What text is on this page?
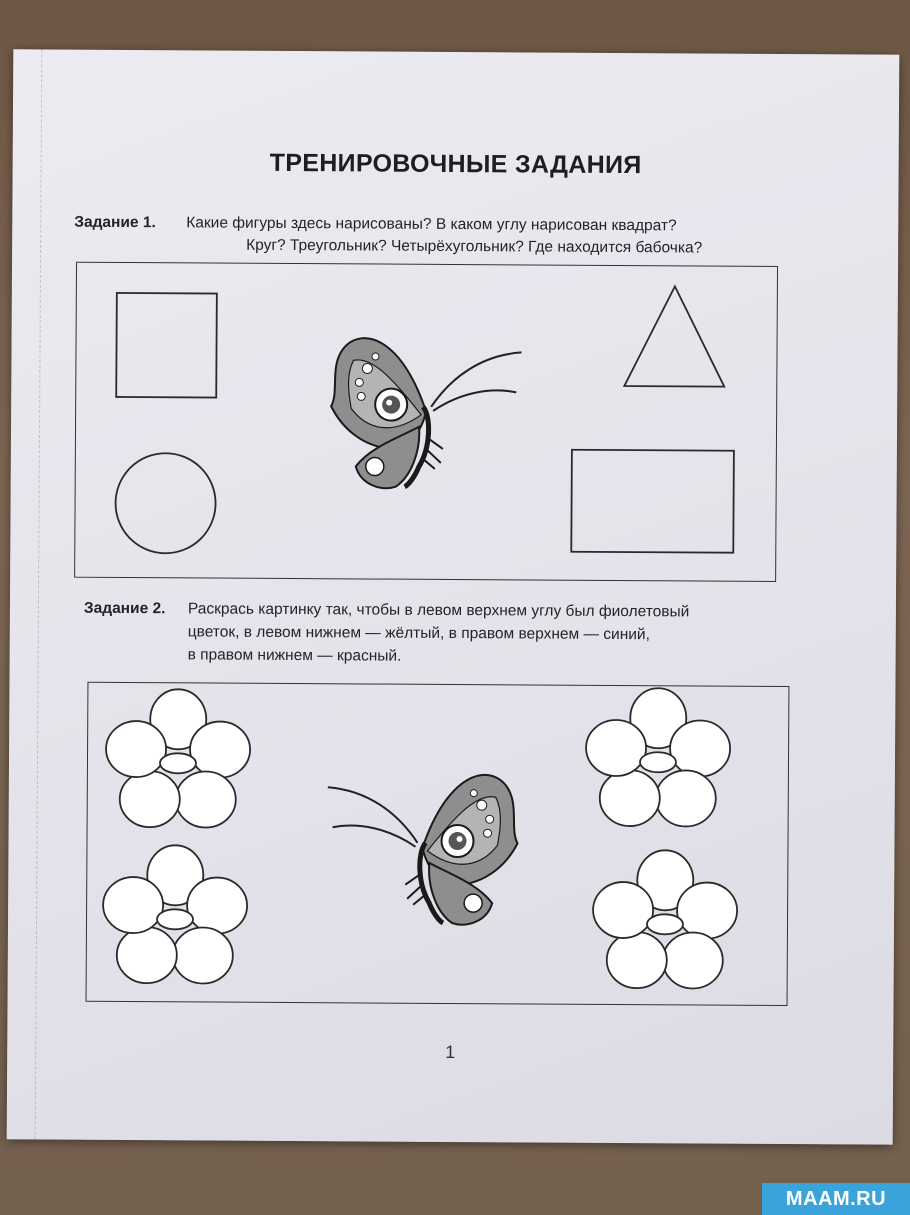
ТРЕНИРОВОЧНЫЕ ЗАДАНИЯ
Задание 1. Какие фигуры здесь нарисованы? В каком углу нарисован квадрат?
Круг? Треугольник? Четырёхугольник? Где находится бабочка?
Задание 2. Раскрась картинку так, чтобы в левом верхнем углу был фиолетовый
цветок, в левом нижнем — жёлтый, в правом верхнем — синий,
в правом нижнем — красный.
1
MAAM.RU
